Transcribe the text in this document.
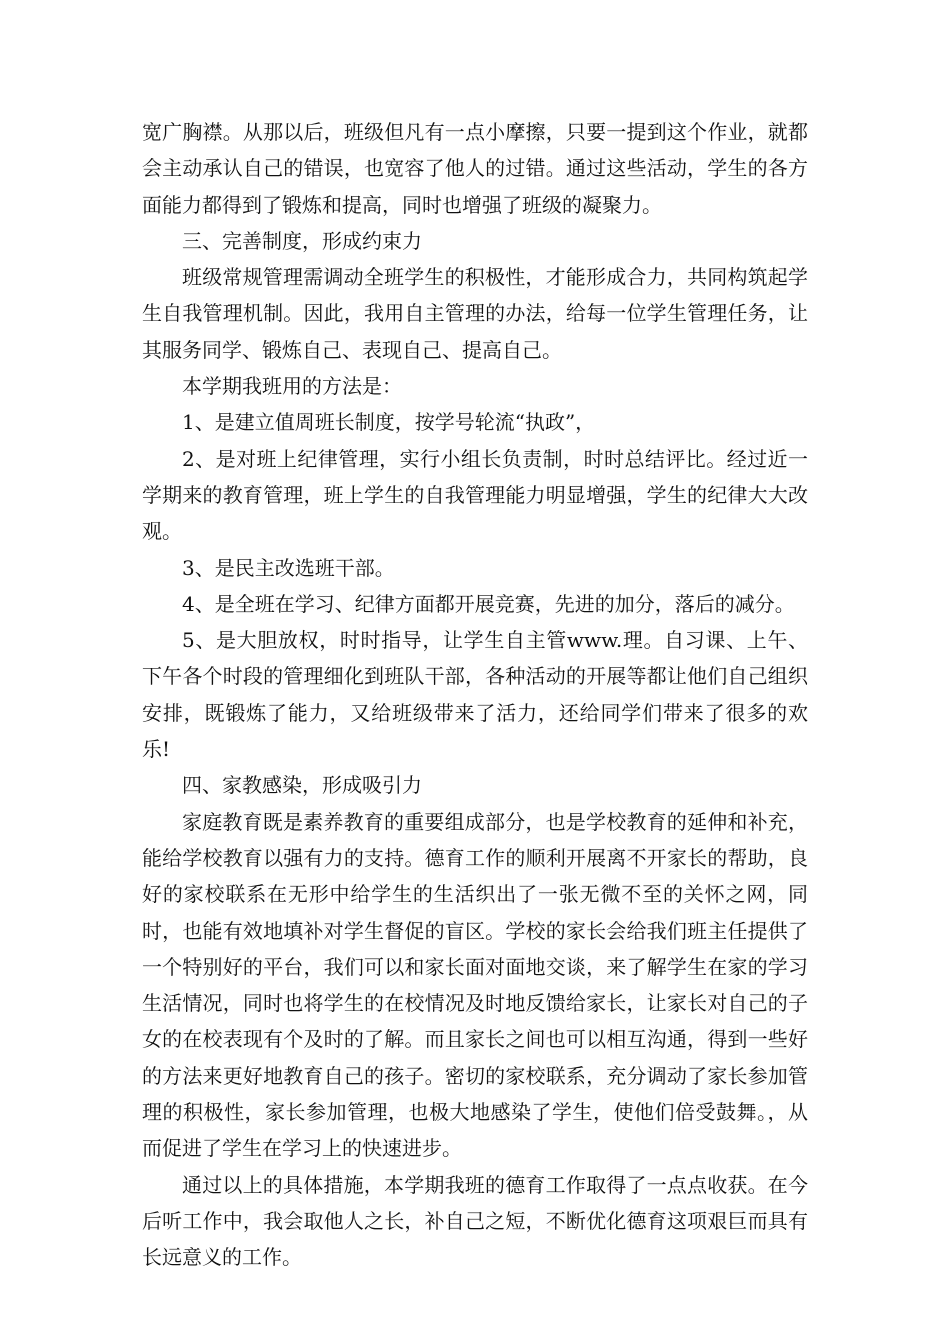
宽广胸襟。从那以后，班级但凡有一点小摩擦，只要一提到这个作业，就都会主动承认自己的错误，也宽容了他人的过错。通过这些活动，学生的各方面能力都得到了锻炼和提高，同时也增强了班级的凝聚力。

三、完善制度，形成约束力

班级常规管理需调动全班学生的积极性，才能形成合力，共同构筑起学生自我管理机制。因此，我用自主管理的办法，给每一位学生管理任务，让其服务同学、锻炼自己、表现自己、提高自己。

本学期我班用的方法是：

1、是建立值周班长制度，按学号轮流“执政”，

2、是对班上纪律管理，实行小组长负责制，时时总结评比。经过近一学期来的教育管理，班上学生的自我管理能力明显增强，学生的纪律大大改观。

3、是民主改选班干部。

4、是全班在学习、纪律方面都开展竞赛，先进的加分，落后的减分。

5、是大胆放权，时时指导，让学生自主管www.理。自习课、上午、下午各个时段的管理细化到班队干部，各种活动的开展等都让他们自己组织安排，既锻炼了能力，又给班级带来了活力，还给同学们带来了很多的欢乐!

四、家教感染，形成吸引力

家庭教育既是素养教育的重要组成部分，也是学校教育的延伸和补充，能给学校教育以强有力的支持。德育工作的顺利开展离不开家长的帮助，良好的家校联系在无形中给学生的生活织出了一张无微不至的关怀之网，同时，也能有效地填补对学生督促的盲区。学校的家长会给我们班主任提供了一个特别好的平台，我们可以和家长面对面地交谈，来了解学生在家的学习生活情况，同时也将学生的在校情况及时地反馈给家长，让家长对自己的子女的在校表现有个及时的了解。而且家长之间也可以相互沟通，得到一些好的方法来更好地教育自己的孩子。密切的家校联系，充分调动了家长参加管理的积极性，家长参加管理，也极大地感染了学生，使他们倍受鼓舞。，从而促进了学生在学习上的快速进步。

通过以上的具体措施，本学期我班的德育工作取得了一点点收获。在今后听工作中，我会取他人之长，补自己之短，不断优化德育这项艰巨而具有长远意义的工作。
